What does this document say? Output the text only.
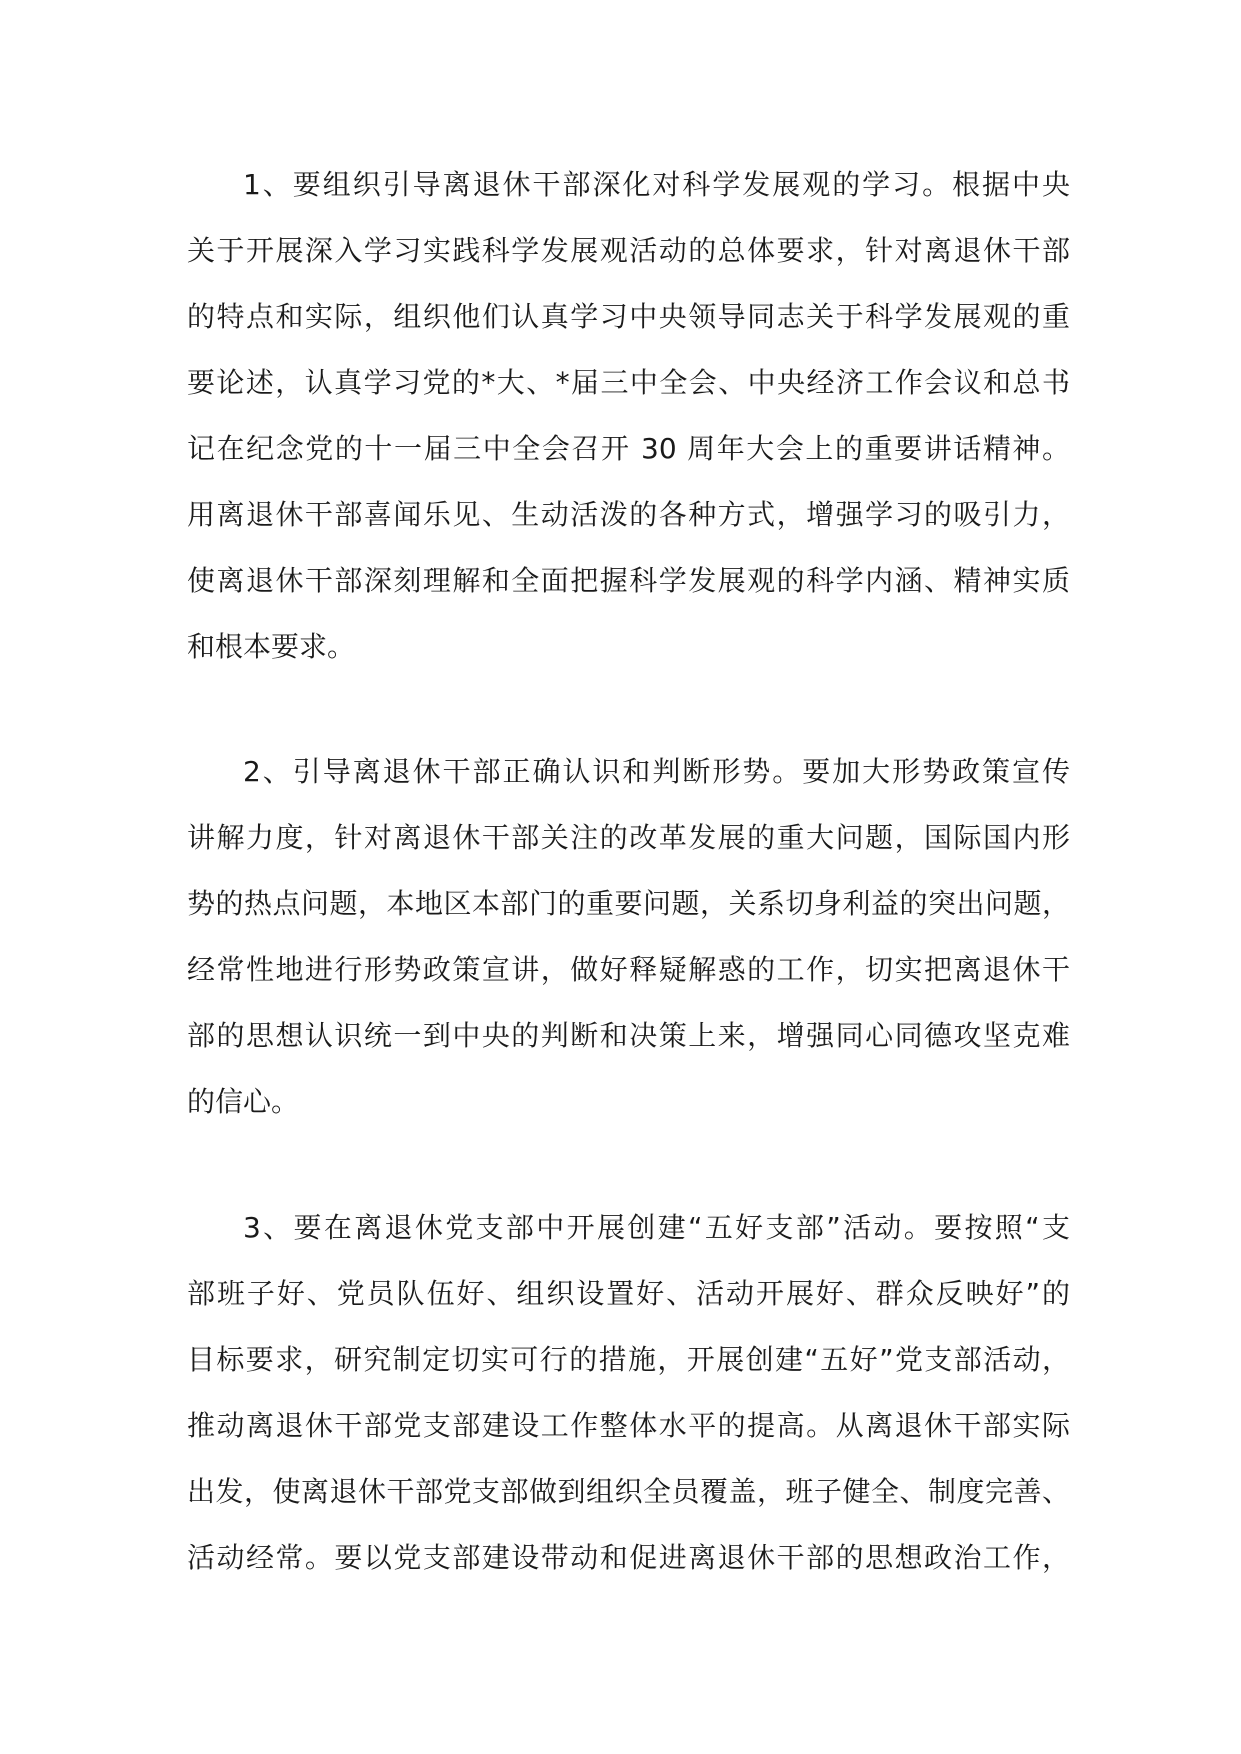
1、要组织引导离退休干部深化对科学发展观的学习。根据中央
关于开展深入学习实践科学发展观活动的总体要求，针对离退休干部
的特点和实际，组织他们认真学习中央领导同志关于科学发展观的重
要论述，认真学习党的*大、*届三中全会、中央经济工作会议和总书
记在纪念党的十一届三中全会召开 30 周年大会上的重要讲话精神。
用离退休干部喜闻乐见、生动活泼的各种方式，增强学习的吸引力，
使离退休干部深刻理解和全面把握科学发展观的科学内涵、精神实质
和根本要求。
2、引导离退休干部正确认识和判断形势。要加大形势政策宣传
讲解力度，针对离退休干部关注的改革发展的重大问题，国际国内形
势的热点问题，本地区本部门的重要问题，关系切身利益的突出问题，
经常性地进行形势政策宣讲，做好释疑解惑的工作，切实把离退休干
部的思想认识统一到中央的判断和决策上来，增强同心同德攻坚克难
的信心。
3、要在离退休党支部中开展创建“五好支部”活动。要按照“支
部班子好、党员队伍好、组织设置好、活动开展好、群众反映好”的
目标要求，研究制定切实可行的措施，开展创建“五好”党支部活动，
推动离退休干部党支部建设工作整体水平的提高。从离退休干部实际
出发，使离退休干部党支部做到组织全员覆盖，班子健全、制度完善、
活动经常。要以党支部建设带动和促进离退休干部的思想政治工作，
